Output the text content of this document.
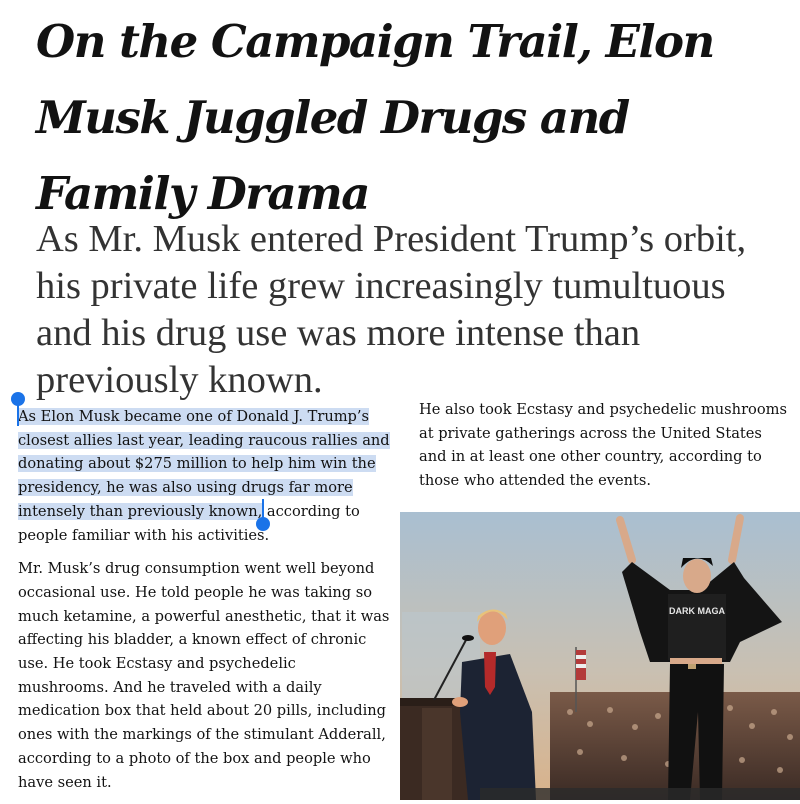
On the Campaign Trail, Elon Musk Juggled Drugs and Family Drama
As Mr. Musk entered President Trump’s orbit, his private life grew increasingly tumultuous and his drug use was more intense than previously known.

As Elon Musk became one of Donald J. Trump’s closest allies last year, leading raucous rallies and donating about $275 million to help him win the presidency, he was also using drugs far more intensely than previously known, according to people familiar with his activities.

Mr. Musk’s drug consumption went well beyond occasional use. He told people he was taking so much ketamine, a powerful anesthetic, that it was affecting his bladder, a known effect of chronic use. He took Ecstasy and psychedelic mushrooms. And he traveled with a daily medication box that held about 20 pills, including ones with the markings of the stimulant Adderall, according to a photo of the box and people who have seen it.

He also took Ecstasy and psychedelic mushrooms at private gatherings across the United States and in at least one other country, according to those who attended the events.

DARK MAGA
